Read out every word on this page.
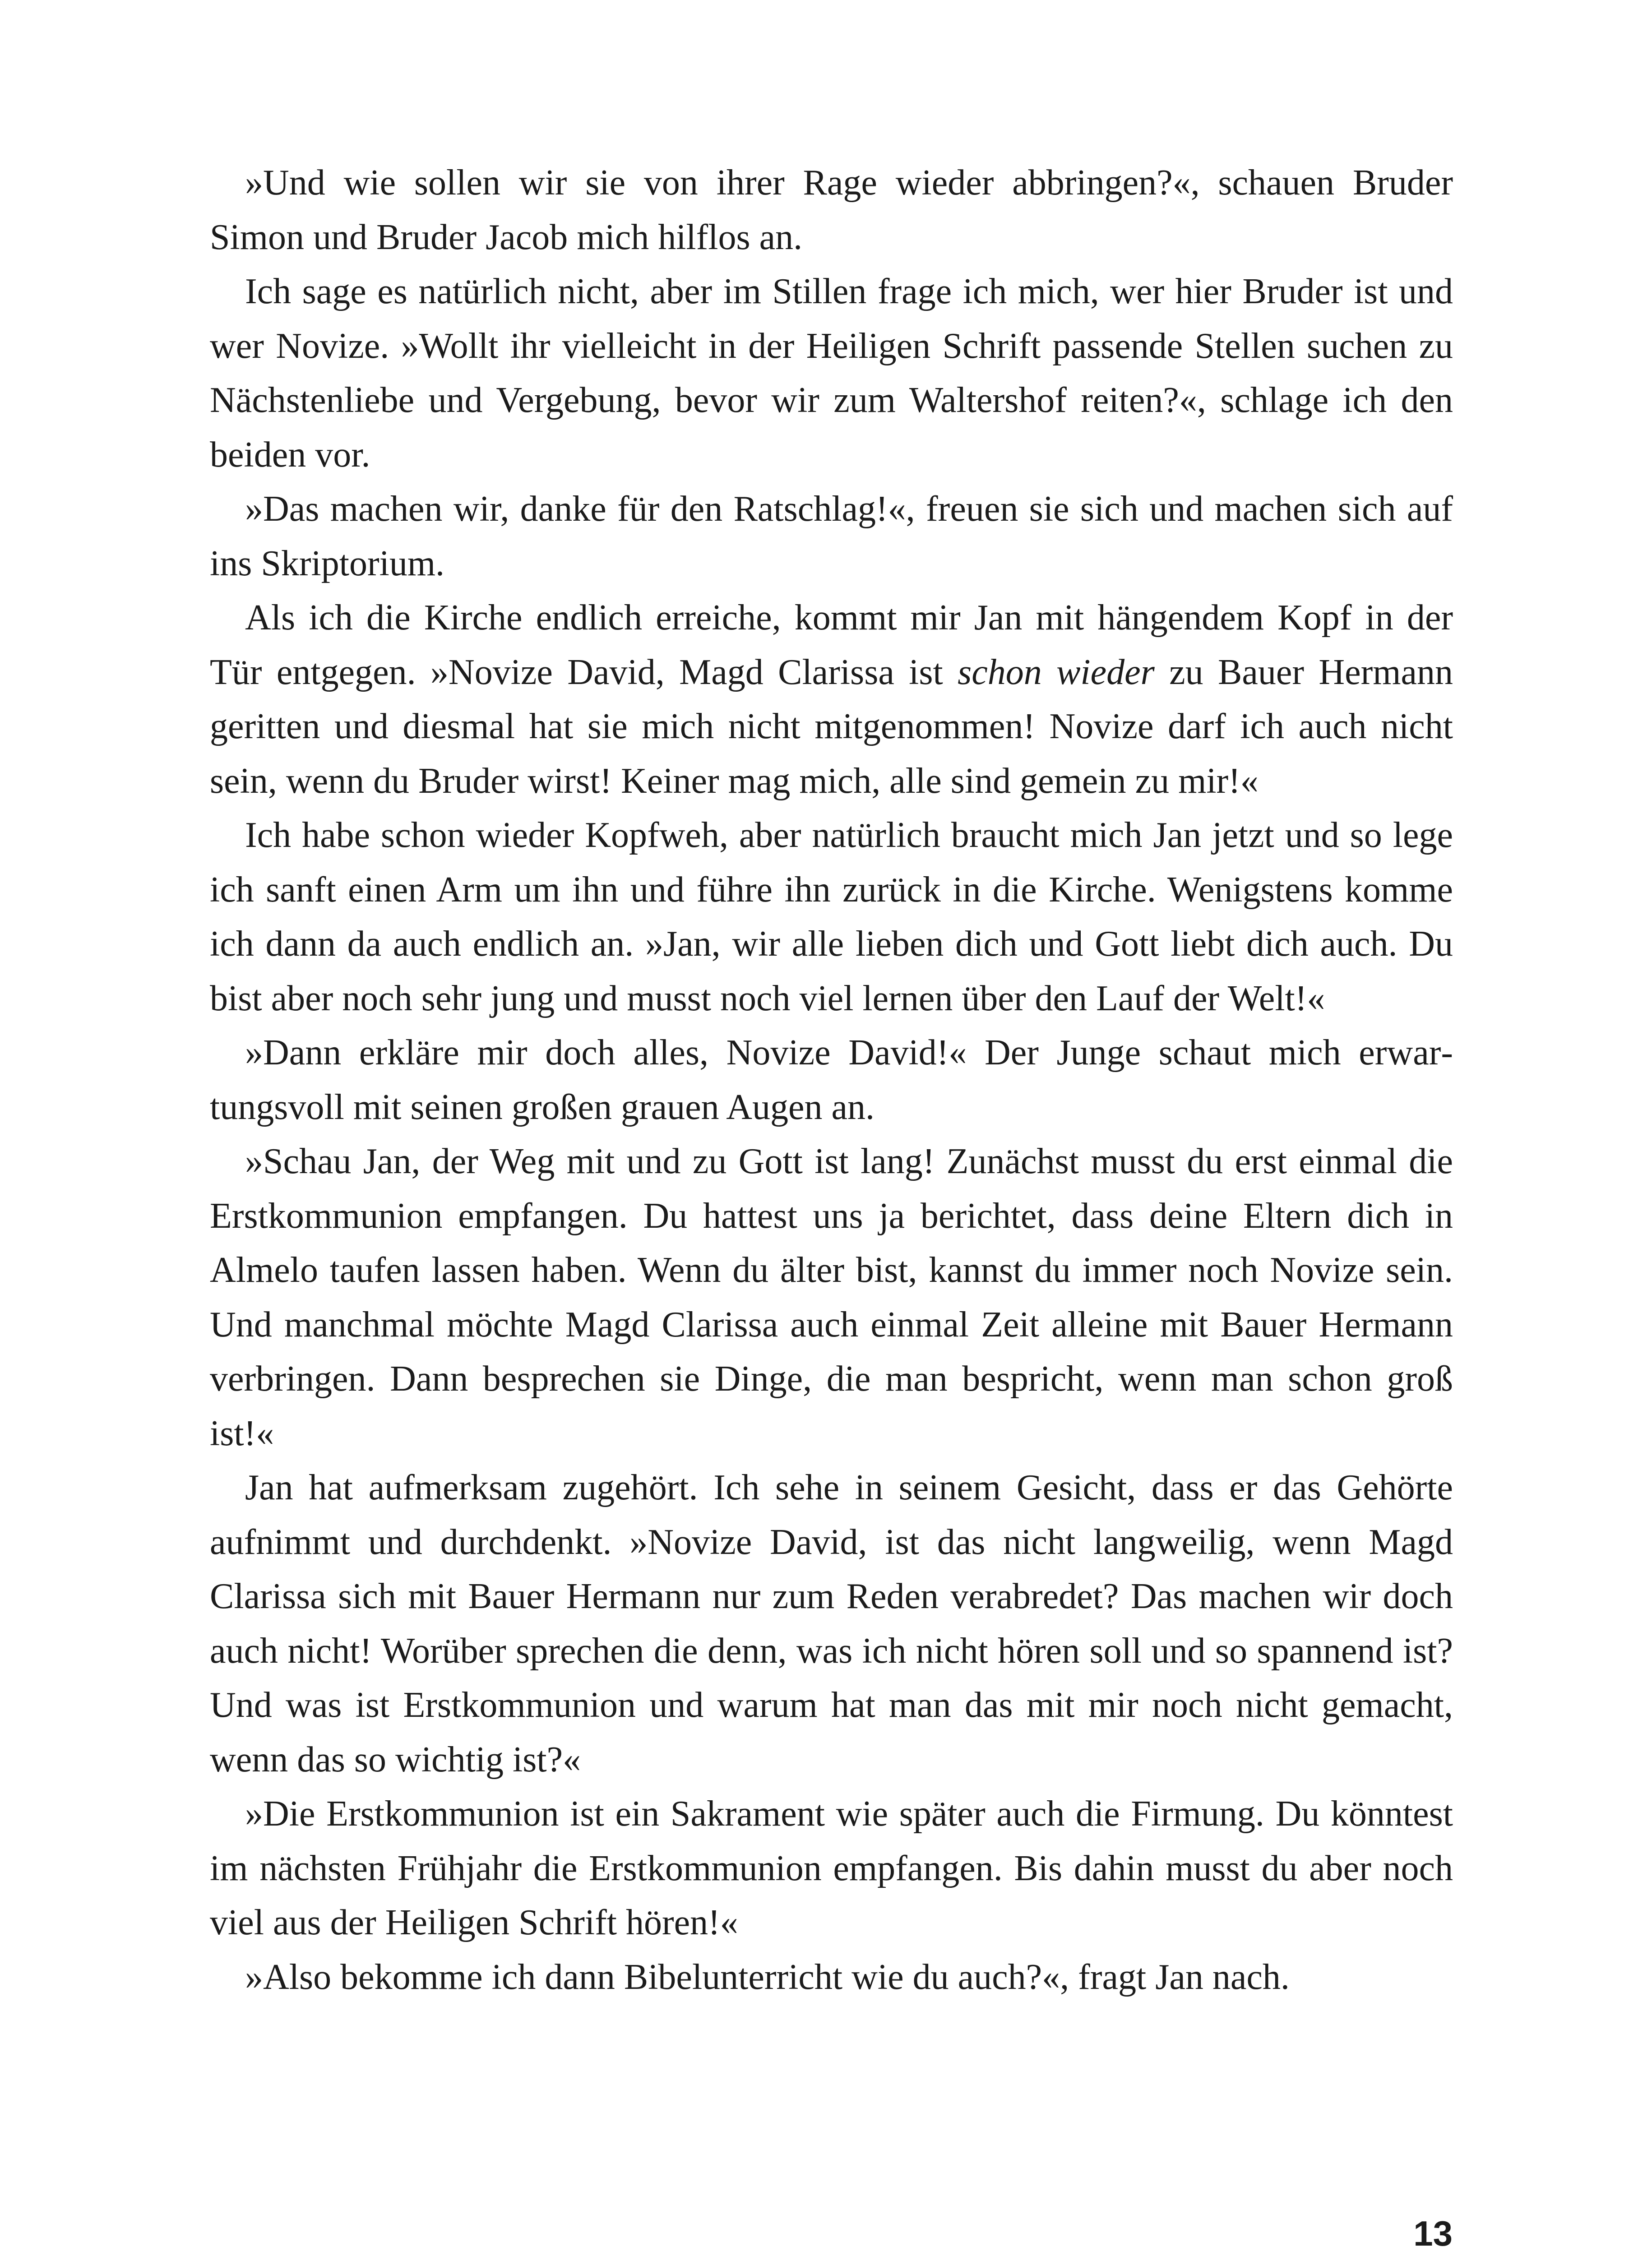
»Und wie sollen wir sie von ihrer Rage wieder abbringen?«, schauen Bruder Simon und Bruder Jacob mich hilflos an.

Ich sage es natürlich nicht, aber im Stillen frage ich mich, wer hier Bruder ist und wer Novize. »Wollt ihr vielleicht in der Heiligen Schrift passende Stellen suchen zu Nächstenliebe und Vergebung, bevor wir zum Waltershof reiten?«, schlage ich den beiden vor.

»Das machen wir, danke für den Ratschlag!«, freuen sie sich und machen sich auf ins Skriptorium.

Als ich die Kirche endlich erreiche, kommt mir Jan mit hängendem Kopf in der Tür entgegen. »Novize David, Magd Clarissa ist schon wieder zu Bauer Hermann geritten und diesmal hat sie mich nicht mitgenommen! Novize darf ich auch nicht sein, wenn du Bruder wirst! Keiner mag mich, alle sind gemein zu mir!«

Ich habe schon wieder Kopfweh, aber natürlich braucht mich Jan jetzt und so lege ich sanft einen Arm um ihn und führe ihn zurück in die Kirche. Wenigstens komme ich dann da auch endlich an. »Jan, wir alle lieben dich und Gott liebt dich auch. Du bist aber noch sehr jung und musst noch viel lernen über den Lauf der Welt!«

»Dann erkläre mir doch alles, Novize David!« Der Junge schaut mich erwartungsvoll mit seinen großen grauen Augen an.

»Schau Jan, der Weg mit und zu Gott ist lang! Zunächst musst du erst einmal die Erstkommunion empfangen. Du hattest uns ja berichtet, dass deine Eltern dich in Almelo taufen lassen haben. Wenn du älter bist, kannst du immer noch Novize sein. Und manchmal möchte Magd Clarissa auch einmal Zeit alleine mit Bauer Hermann verbringen. Dann besprechen sie Dinge, die man bespricht, wenn man schon groß ist!«

Jan hat aufmerksam zugehört. Ich sehe in seinem Gesicht, dass er das Gehörte aufnimmt und durchdenkt. »Novize David, ist das nicht langweilig, wenn Magd Clarissa sich mit Bauer Hermann nur zum Reden verabredet? Das machen wir doch auch nicht! Worüber sprechen die denn, was ich nicht hören soll und so spannend ist? Und was ist Erstkommunion und warum hat man das mit mir noch nicht gemacht, wenn das so wichtig ist?«

»Die Erstkommunion ist ein Sakrament wie später auch die Firmung. Du könntest im nächsten Frühjahr die Erstkommunion empfangen. Bis dahin musst du aber noch viel aus der Heiligen Schrift hören!«

»Also bekomme ich dann Bibelunterricht wie du auch?«, fragt Jan nach.

13
